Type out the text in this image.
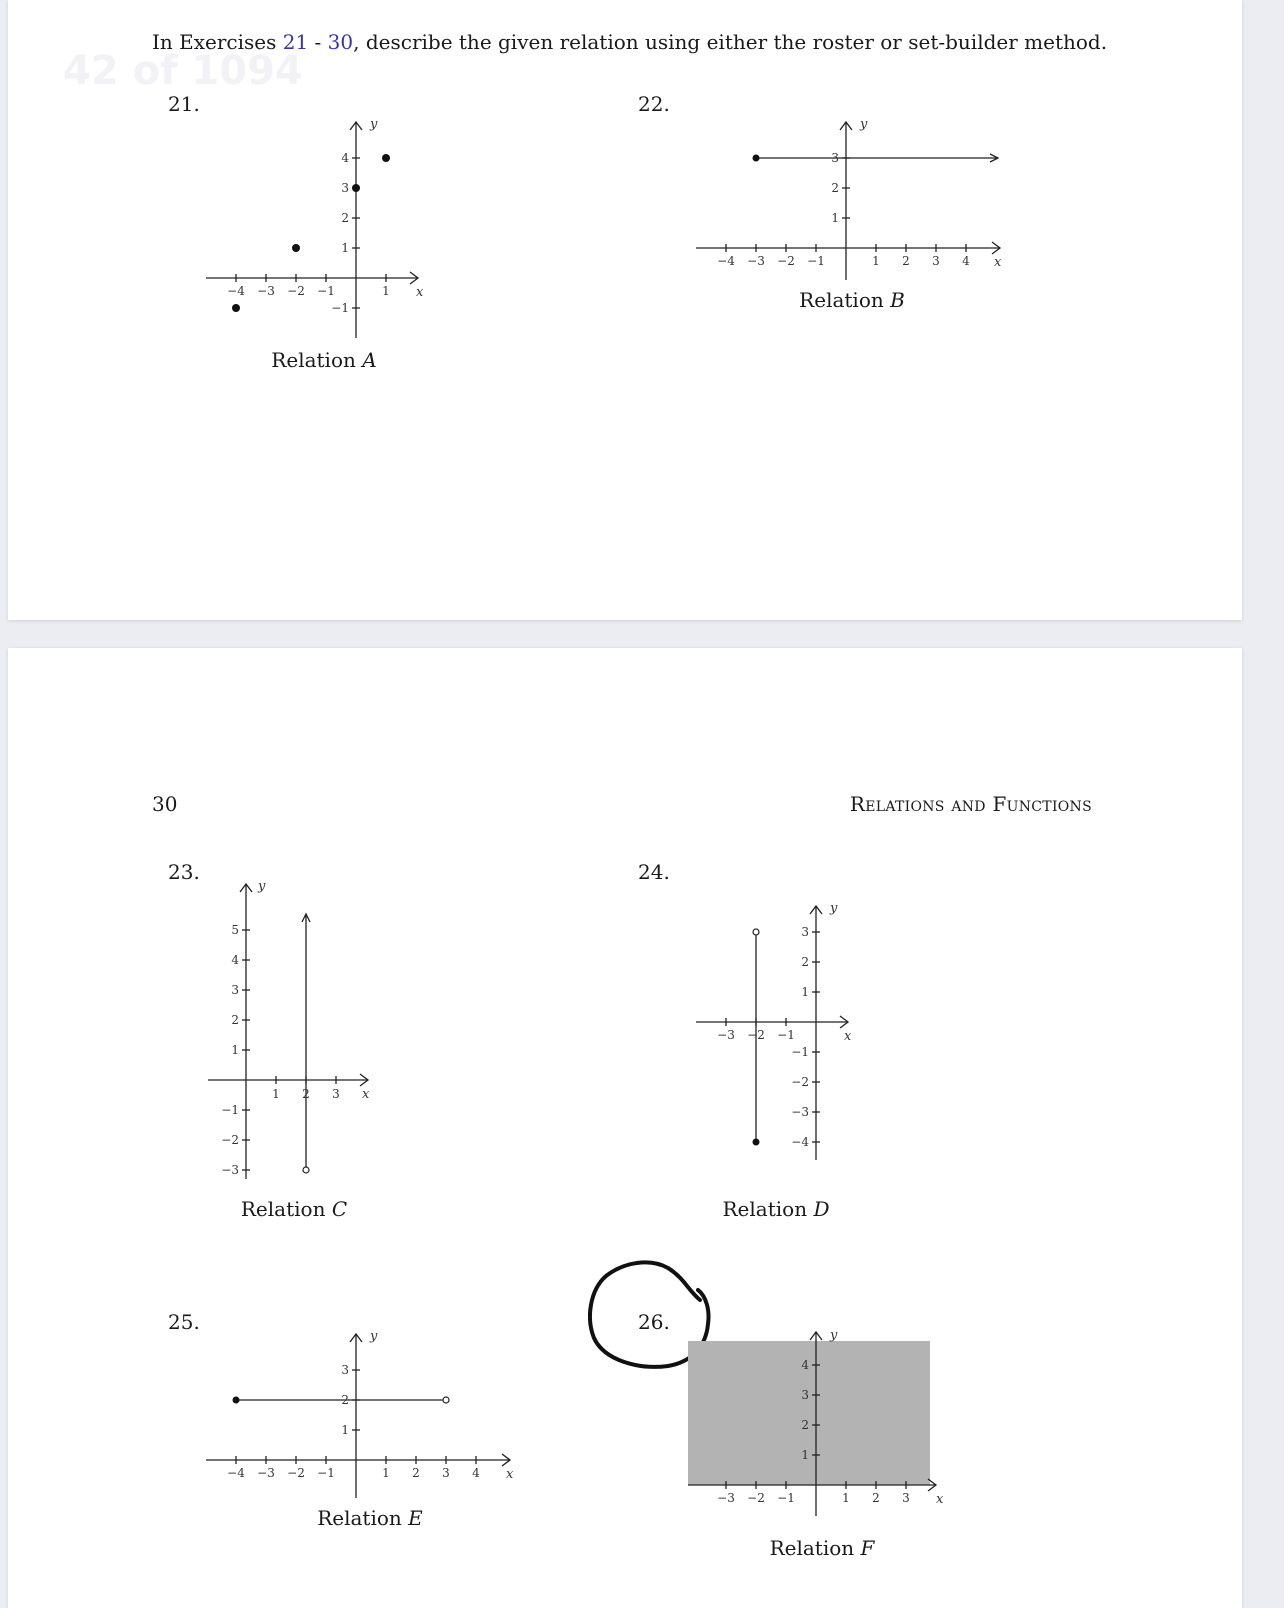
42 of 1094
In Exercises 21 - 30, describe the given relation using either the roster or set-builder method.
21.	22.
−4 −3 −2 −1	1
−1
1
2
3
4
x
y
Relation A
−4 −3 −2 −1	1 2 3 4
1
2
3
x
y
Relation B
30	Relations and Functions
23.	24.
25.	26.
1 2 3
−3
−2
−1
1
2
3
4
5
x
y
Relation C
−3 −2 −1
−4
−3
−2
−1
1
2
3
x
y
Relation D
−4 −3 −2 −1	1 2 3 4
1
2
3
x
y
Relation E
−3 −2 −1	1 2 3
1
2
3
4
x
y
Relation F
